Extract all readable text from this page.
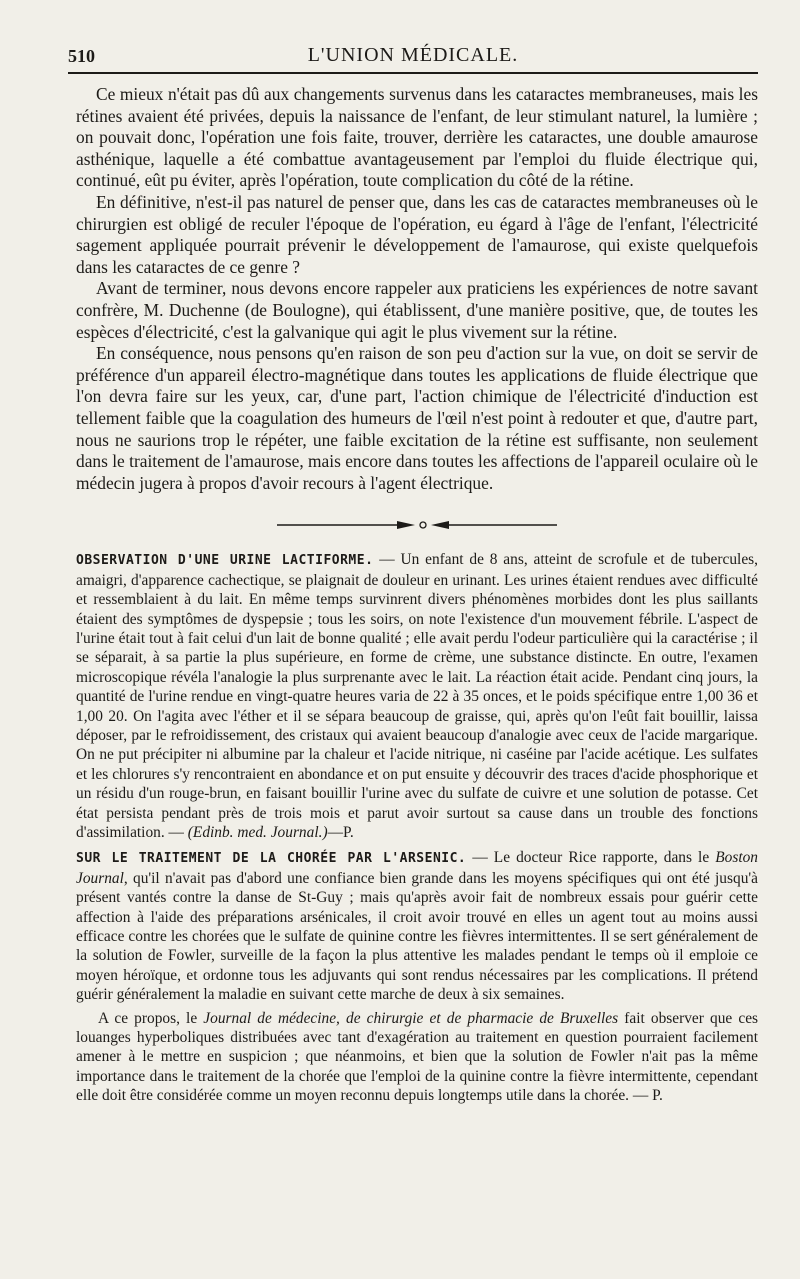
510	L'UNION MÉDICALE.

Ce mieux n'était pas dû aux changements survenus dans les cataractes membraneuses, mais les rétines avaient été privées, depuis la naissance de l'enfant, de leur stimulant naturel, la lumière ; on pouvait donc, l'opération une fois faite, trouver, derrière les cataractes, une double amaurose asthénique, laquelle a été combattue avantageusement par l'emploi du fluide électrique qui, continué, eût pu éviter, après l'opération, toute complication du côté de la rétine.

En définitive, n'est-il pas naturel de penser que, dans les cas de cataractes membraneuses où le chirurgien est obligé de reculer l'époque de l'opération, eu égard à l'âge de l'enfant, l'électricité sagement appliquée pourrait prévenir le développement de l'amaurose, qui existe quelquefois dans les cataractes de ce genre ?

Avant de terminer, nous devons encore rappeler aux praticiens les expériences de notre savant confrère, M. Duchenne (de Boulogne), qui établissent, d'une manière positive, que, de toutes les espèces d'électricité, c'est la galvanique qui agit le plus vivement sur la rétine.

En conséquence, nous pensons qu'en raison de son peu d'action sur la vue, on doit se servir de préférence d'un appareil électro-magnétique dans toutes les applications de fluide électrique que l'on devra faire sur les yeux, car, d'une part, l'action chimique de l'électricité d'induction est tellement faible que la coagulation des humeurs de l'œil n'est point à redouter et que, d'autre part, nous ne saurions trop le répéter, une faible excitation de la rétine est suffisante, non seulement dans le traitement de l'amaurose, mais encore dans toutes les affections de l'appareil oculaire où le médecin jugera à propos d'avoir recours à l'agent électrique.

OBSERVATION D'UNE URINE LACTIFORME. — Un enfant de 8 ans, atteint de scrofule et de tubercules, amaigri, d'apparence cachectique, se plaignait de douleur en urinant. Les urines étaient rendues avec difficulté et ressemblaient à du lait. En même temps survinrent divers phénomènes morbides dont les plus saillants étaient des symptômes de dyspepsie ; tous les soirs, on note l'existence d'un mouvement fébrile. L'aspect de l'urine était tout à fait celui d'un lait de bonne qualité ; elle avait perdu l'odeur particulière qui la caractérise ; il se séparait, à sa partie la plus supérieure, en forme de crème, une substance distincte. En outre, l'examen microscopique révéla l'analogie la plus surprenante avec le lait. La réaction était acide. Pendant cinq jours, la quantité de l'urine rendue en vingt-quatre heures varia de 22 à 35 onces, et le poids spécifique entre 1,00 36 et 1,00 20. On l'agita avec l'éther et il se sépara beaucoup de graisse, qui, après qu'on l'eût fait bouillir, laissa déposer, par le refroidissement, des cristaux qui avaient beaucoup d'analogie avec ceux de l'acide margarique. On ne put précipiter ni albumine par la chaleur et l'acide nitrique, ni caséine par l'acide acétique. Les sulfates et les chlorures s'y rencontraient en abondance et on put ensuite y découvrir des traces d'acide phosphorique et un résidu d'un rouge-brun, en faisant bouillir l'urine avec du sulfate de cuivre et une solution de potasse. Cet état persista pendant près de trois mois et parut avoir surtout sa cause dans un trouble des fonctions d'assimilation. — (Edinb. med. Journal.)—P.

SUR LE TRAITEMENT DE LA CHORÉE PAR L'ARSENIC. — Le docteur Rice rapporte, dans le Boston Journal, qu'il n'avait pas d'abord une confiance bien grande dans les moyens spécifiques qui ont été jusqu'à présent vantés contre la danse de St-Guy ; mais qu'après avoir fait de nombreux essais pour guérir cette affection à l'aide des préparations arsénicales, il croit avoir trouvé en elles un agent tout au moins aussi efficace contre les chorées que le sulfate de quinine contre les fièvres intermittentes. Il se sert généralement de la solution de Fowler, surveille de la façon la plus attentive les malades pendant le temps où il emploie ce moyen héroïque, et ordonne tous les adjuvants qui sont rendus nécessaires par les complications. Il prétend guérir généralement la maladie en suivant cette marche de deux à six semaines.

A ce propos, le Journal de médecine, de chirurgie et de pharmacie de Bruxelles fait observer que ces louanges hyperboliques distribuées avec tant d'exagération au traitement en question pourraient facilement amener à le mettre en suspicion ; que néanmoins, et bien que la solution de Fowler n'ait pas la même importance dans le traitement de la chorée que l'emploi de la quinine contre la fièvre intermittente, cependant elle doit être considérée comme un moyen reconnu depuis longtemps utile dans la chorée. — P.
